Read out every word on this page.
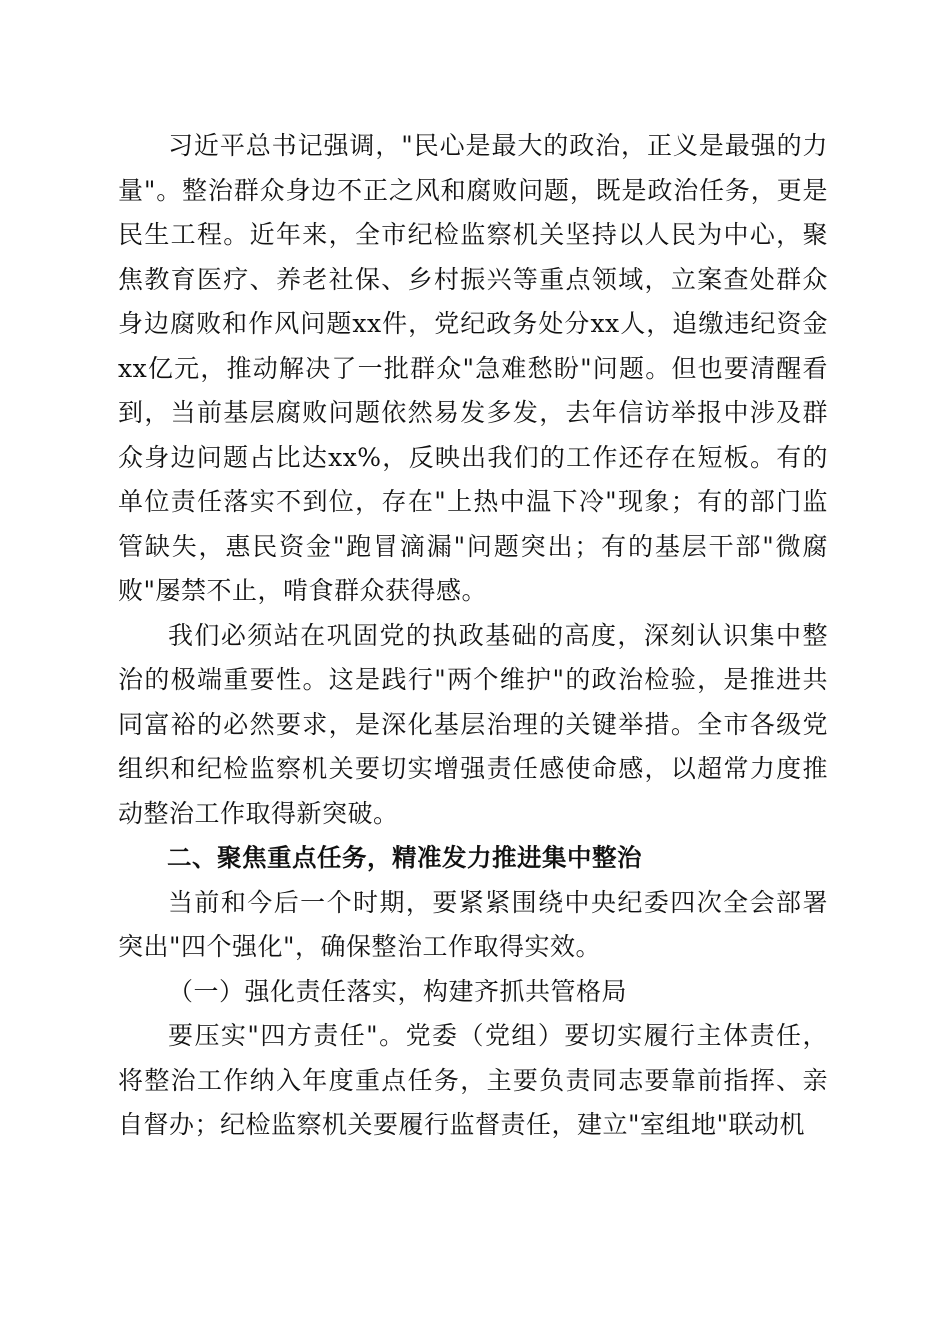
习近平总书记强调，"民心是最大的政治，正义是最强的力量"。整治群众身边不正之风和腐败问题，既是政治任务，更是民生工程。近年来，全市纪检监察机关坚持以人民为中心，聚焦教育医疗、养老社保、乡村振兴等重点领域，立案查处群众身边腐败和作风问题xx件，党纪政务处分xx人，追缴违纪资金xx亿元，推动解决了一批群众"急难愁盼"问题。但也要清醒看到，当前基层腐败问题依然易发多发，去年信访举报中涉及群众身边问题占比达xx%，反映出我们的工作还存在短板。有的单位责任落实不到位，存在"上热中温下冷"现象；有的部门监管缺失，惠民资金"跑冒滴漏"问题突出；有的基层干部"微腐败"屡禁不止，啃食群众获得感。

我们必须站在巩固党的执政基础的高度，深刻认识集中整治的极端重要性。这是践行"两个维护"的政治检验，是推进共同富裕的必然要求，是深化基层治理的关键举措。全市各级党组织和纪检监察机关要切实增强责任感使命感，以超常力度推动整治工作取得新突破。

二、聚焦重点任务，精准发力推进集中整治

当前和今后一个时期，要紧紧围绕中央纪委四次全会部署突出"四个强化"，确保整治工作取得实效。

（一）强化责任落实，构建齐抓共管格局

要压实"四方责任"。党委（党组）要切实履行主体责任，将整治工作纳入年度重点任务，主要负责同志要靠前指挥、亲自督办；纪检监察机关要履行监督责任，建立"室组地"联动机
